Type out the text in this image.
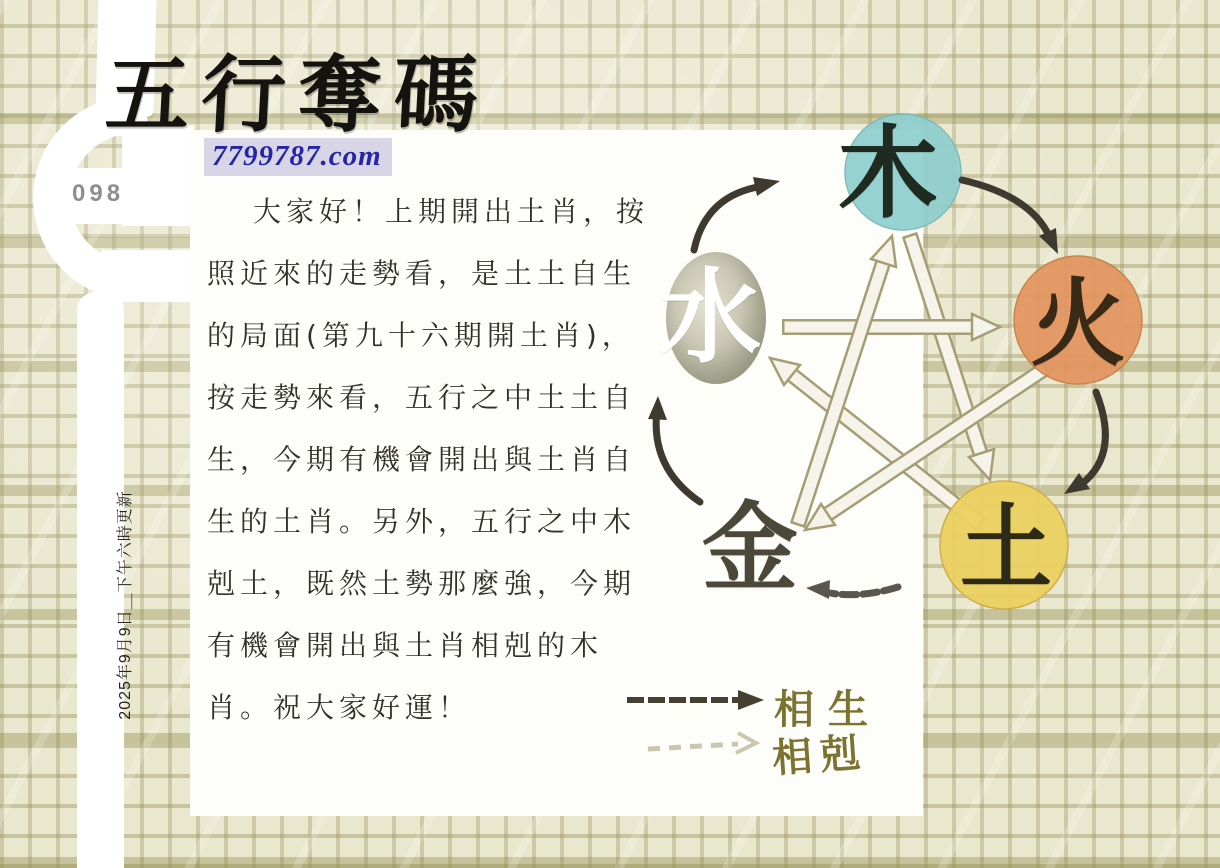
098
2025年9月9日＿下午六時更新
五行奪碼
7799787.com
大家好！上期開出土肖，按
照近來的走勢看，是土土自生
的局面(第九十六期開土肖)，
按走勢來看，五行之中土土自
生，今期有機會開出與土肖自
生的土肖。另外，五行之中木
剋土，既然土勢那麼強，今期
有機會開出與土肖相剋的木
肖。祝大家好運！
木
火
土
金
水
相生
相剋
